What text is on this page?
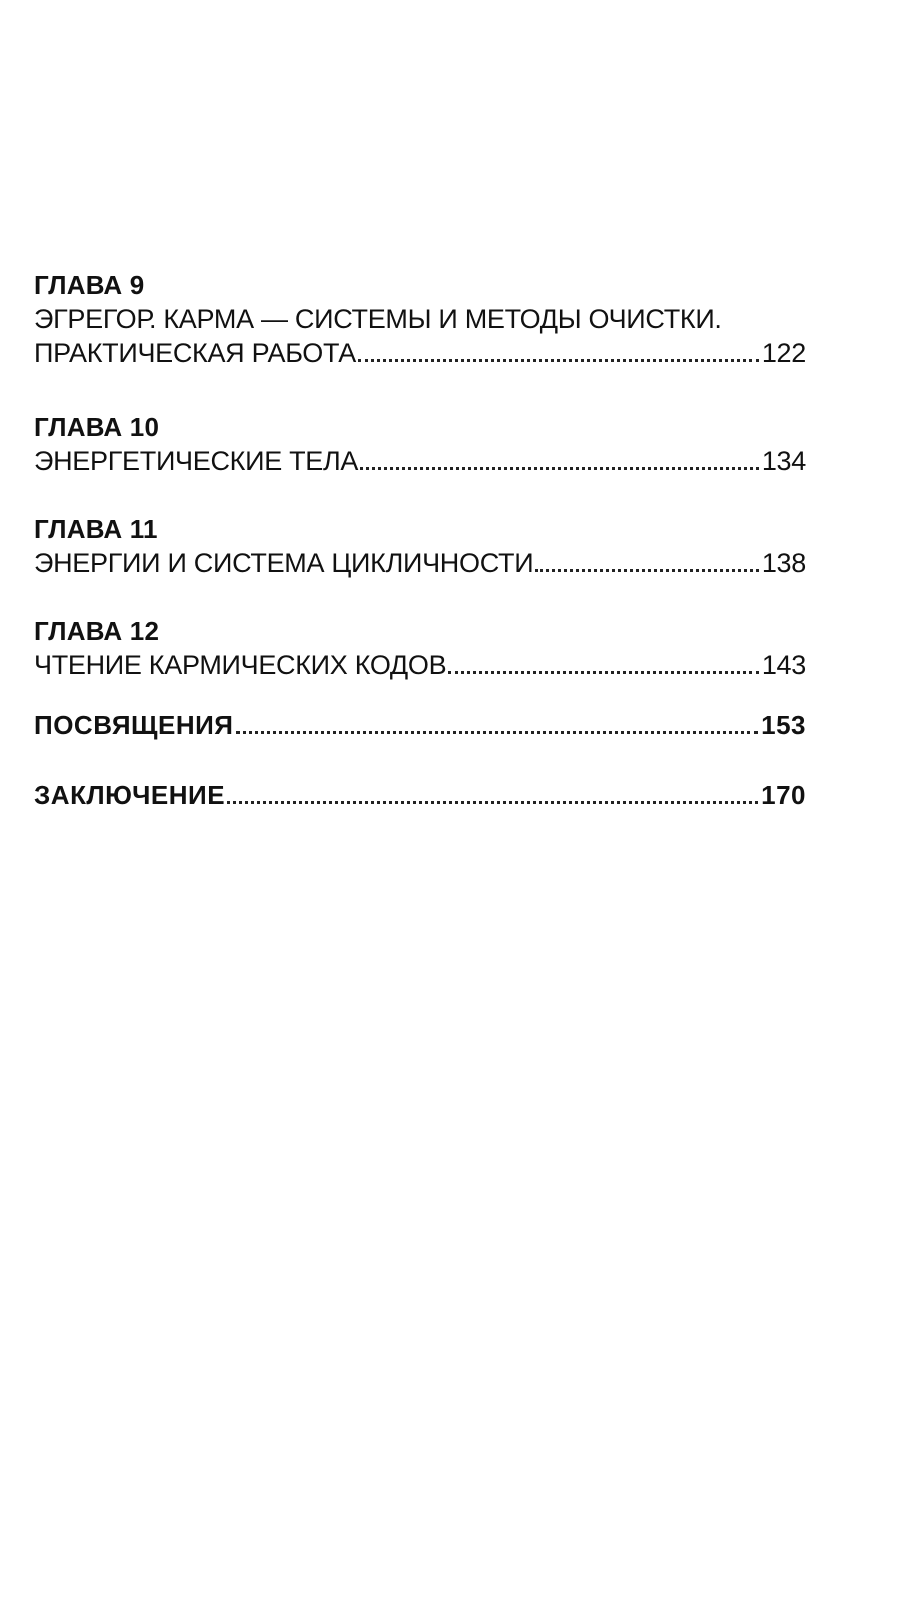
ГЛАВА 9
ЭГРЕГОР. КАРМА — СИСТЕМЫ И МЕТОДЫ ОЧИСТКИ.
ПРАКТИЧЕСКАЯ РАБОТА	122
ГЛАВА 10
ЭНЕРГЕТИЧЕСКИЕ ТЕЛА	134
ГЛАВА 11
ЭНЕРГИИ И СИСТЕМА ЦИКЛИЧНОСТИ	138
ГЛАВА 12
ЧТЕНИЕ КАРМИЧЕСКИХ КОДОВ	143
ПОСВЯЩЕНИЯ	153
ЗАКЛЮЧЕНИЕ	170
